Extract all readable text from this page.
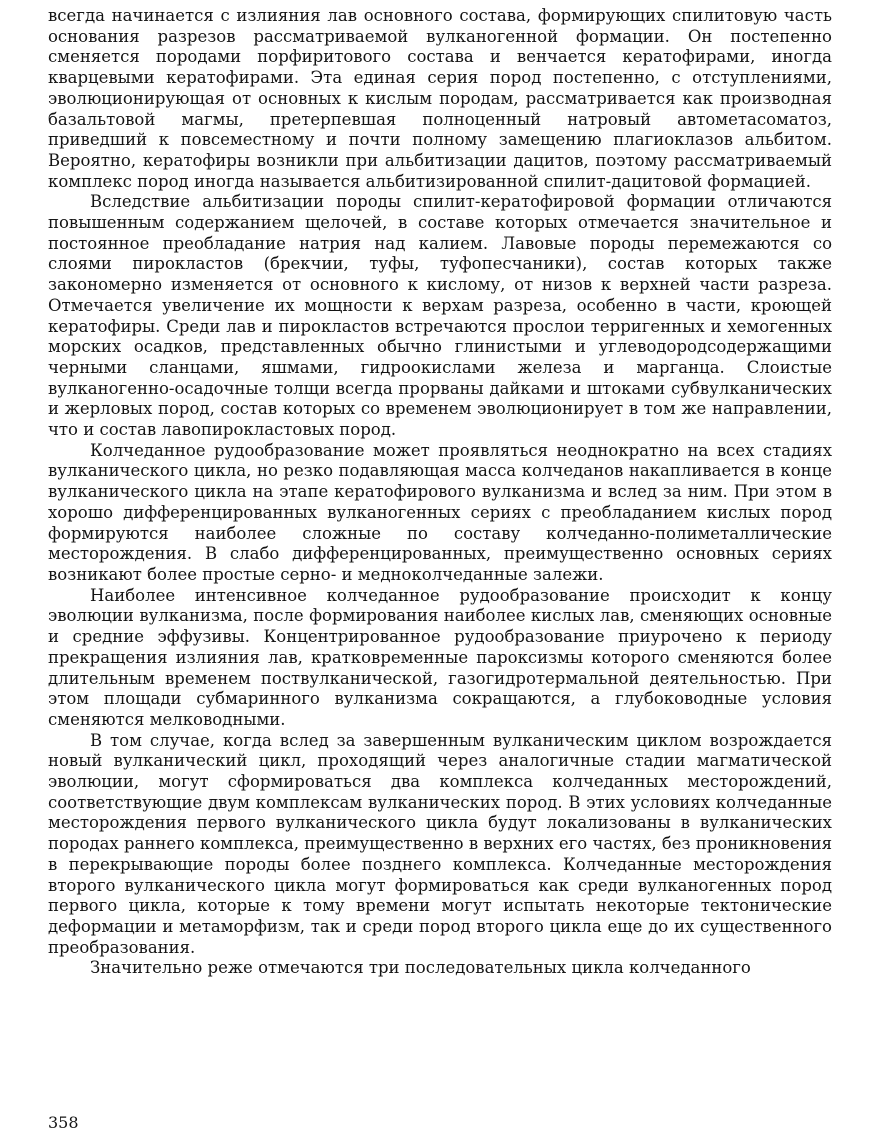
всегда начинается с излияния лав основного состава, формирующих спилитовую часть основания разрезов рассматриваемой вулканогенной формации. Он постепенно сменяется породами порфиритового состава и венчается кератофирами, иногда кварцевыми кератофирами. Эта единая серия пород постепенно, с отступлениями, эволюционирующая от основных к кислым породам, рассматривается как производная базальтовой магмы, претерпевшая полноценный натровый автометасоматоз, приведший к повсеместному и почти полному замещению плагиоклазов альбитом. Вероятно, кератофиры возникли при альбитизации дацитов, поэтому рассматриваемый комплекс пород иногда называется альбитизированной спилит-дацитовой формацией.

Вследствие альбитизации породы спилит-кератофировой формации отличаются повышенным содержанием щелочей, в составе которых отмечается значительное и постоянное преобладание натрия над калием. Лавовые породы перемежаются со слоями пирокластов (брекчии, туфы, туфопесчаники), состав которых также закономерно изменяется от основного к кислому, от низов к верхней части разреза. Отмечается увеличение их мощности к верхам разреза, особенно в части, кроющей кератофиры. Среди лав и пирокластов встречаются прослои терригенных и хемогенных морских осадков, представленных обычно глинистыми и углеводородсодержащими черными сланцами, яшмами, гидроокислами железа и марганца. Слоистые вулканогенно-осадочные толщи всегда прорваны дайками и штоками субвулканических и жерловых пород, состав которых со временем эволюционирует в том же направлении, что и состав лавопирокластовых пород.

Колчеданное рудообразование может проявляться неоднократно на всех стадиях вулканического цикла, но резко подавляющая масса колчеданов накапливается в конце вулканического цикла на этапе кератофирового вулканизма и вслед за ним. При этом в хорошо дифференцированных вулканогенных сериях с преобладанием кислых пород формируются наиболее сложные по составу колчеданно-полиметаллические месторождения. В слабо дифференцированных, преимущественно основных сериях возникают более простые серно- и медноколчеданные залежи.

Наиболее интенсивное колчеданное рудообразование происходит к концу эволюции вулканизма, после формирования наиболее кислых лав, сменяющих основные и средние эффузивы. Концентрированное рудообразование приурочено к периоду прекращения излияния лав, кратковременные пароксизмы которого сменяются более длительным временем поствулканической, газогидротермальной деятельностью. При этом площади субмаринного вулканизма сокращаются, а глубоководные условия сменяются мелководными.

В том случае, когда вслед за завершенным вулканическим циклом возрождается новый вулканический цикл, проходящий через аналогичные стадии магматической эволюции, могут сформироваться два комплекса колчеданных месторождений, соответствующие двум комплексам вулканических пород. В этих условиях колчеданные месторождения первого вулканического цикла будут локализованы в вулканических породах раннего комплекса, преимущественно в верхних его частях, без проникновения в перекрывающие породы более позднего комплекса. Колчеданные месторождения второго вулканического цикла могут формироваться как среди вулканогенных пород первого цикла, которые к тому времени могут испытать некоторые тектонические деформации и метаморфизм, так и среди пород второго цикла еще до их существенного преобразования.

Значительно реже отмечаются три последовательных цикла колчеданного

358
